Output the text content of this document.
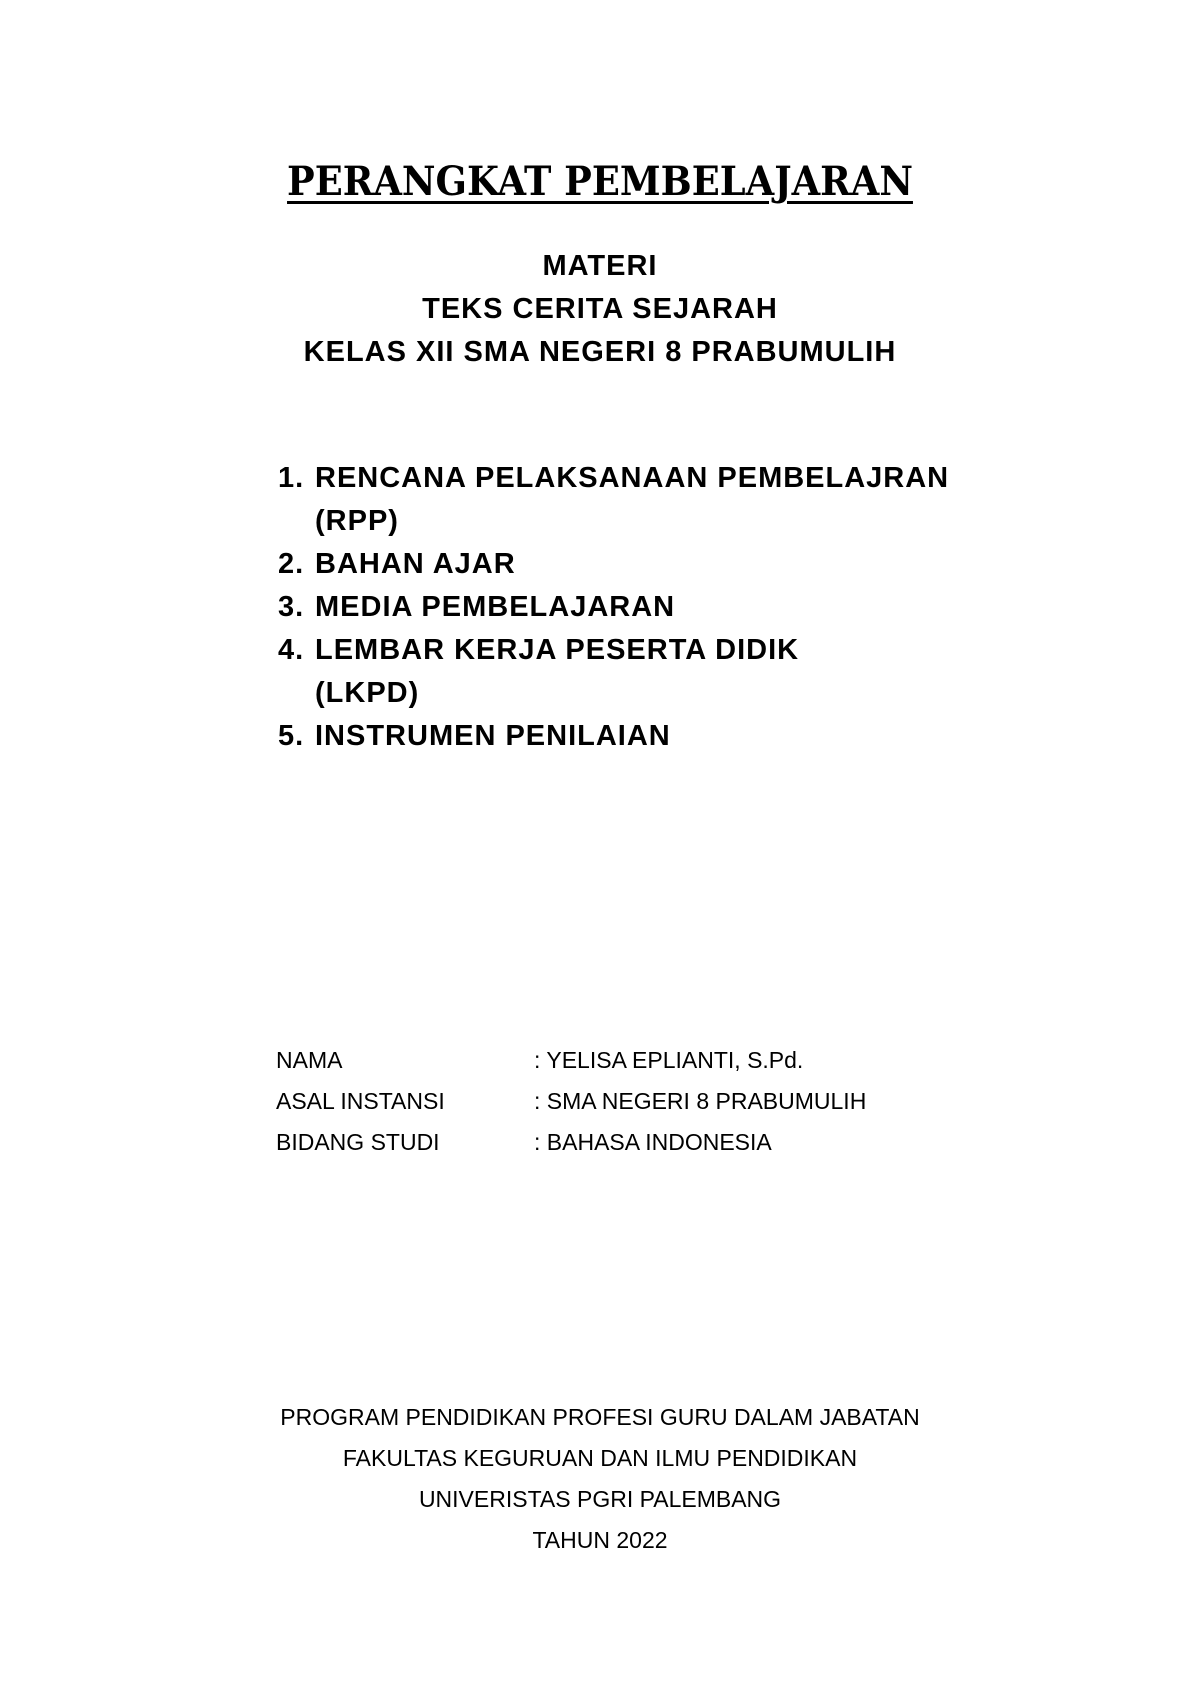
PERANGKAT PEMBELAJARAN
MATERI
TEKS CERITA SEJARAH
KELAS XII SMA NEGERI 8 PRABUMULIH
1. RENCANA PELAKSANAAN PEMBELAJRAN
(RPP)
2. BAHAN AJAR
3. MEDIA PEMBELAJARAN
4. LEMBAR KERJA PESERTA DIDIK
(LKPD)
5. INSTRUMEN PENILAIAN
NAMA	: YELISA EPLIANTI, S.Pd.
ASAL INSTANSI	: SMA NEGERI 8 PRABUMULIH
BIDANG STUDI	: BAHASA INDONESIA
PROGRAM PENDIDIKAN PROFESI GURU DALAM JABATAN
FAKULTAS KEGURUAN DAN ILMU PENDIDIKAN
UNIVERISTAS PGRI PALEMBANG
TAHUN 2022
